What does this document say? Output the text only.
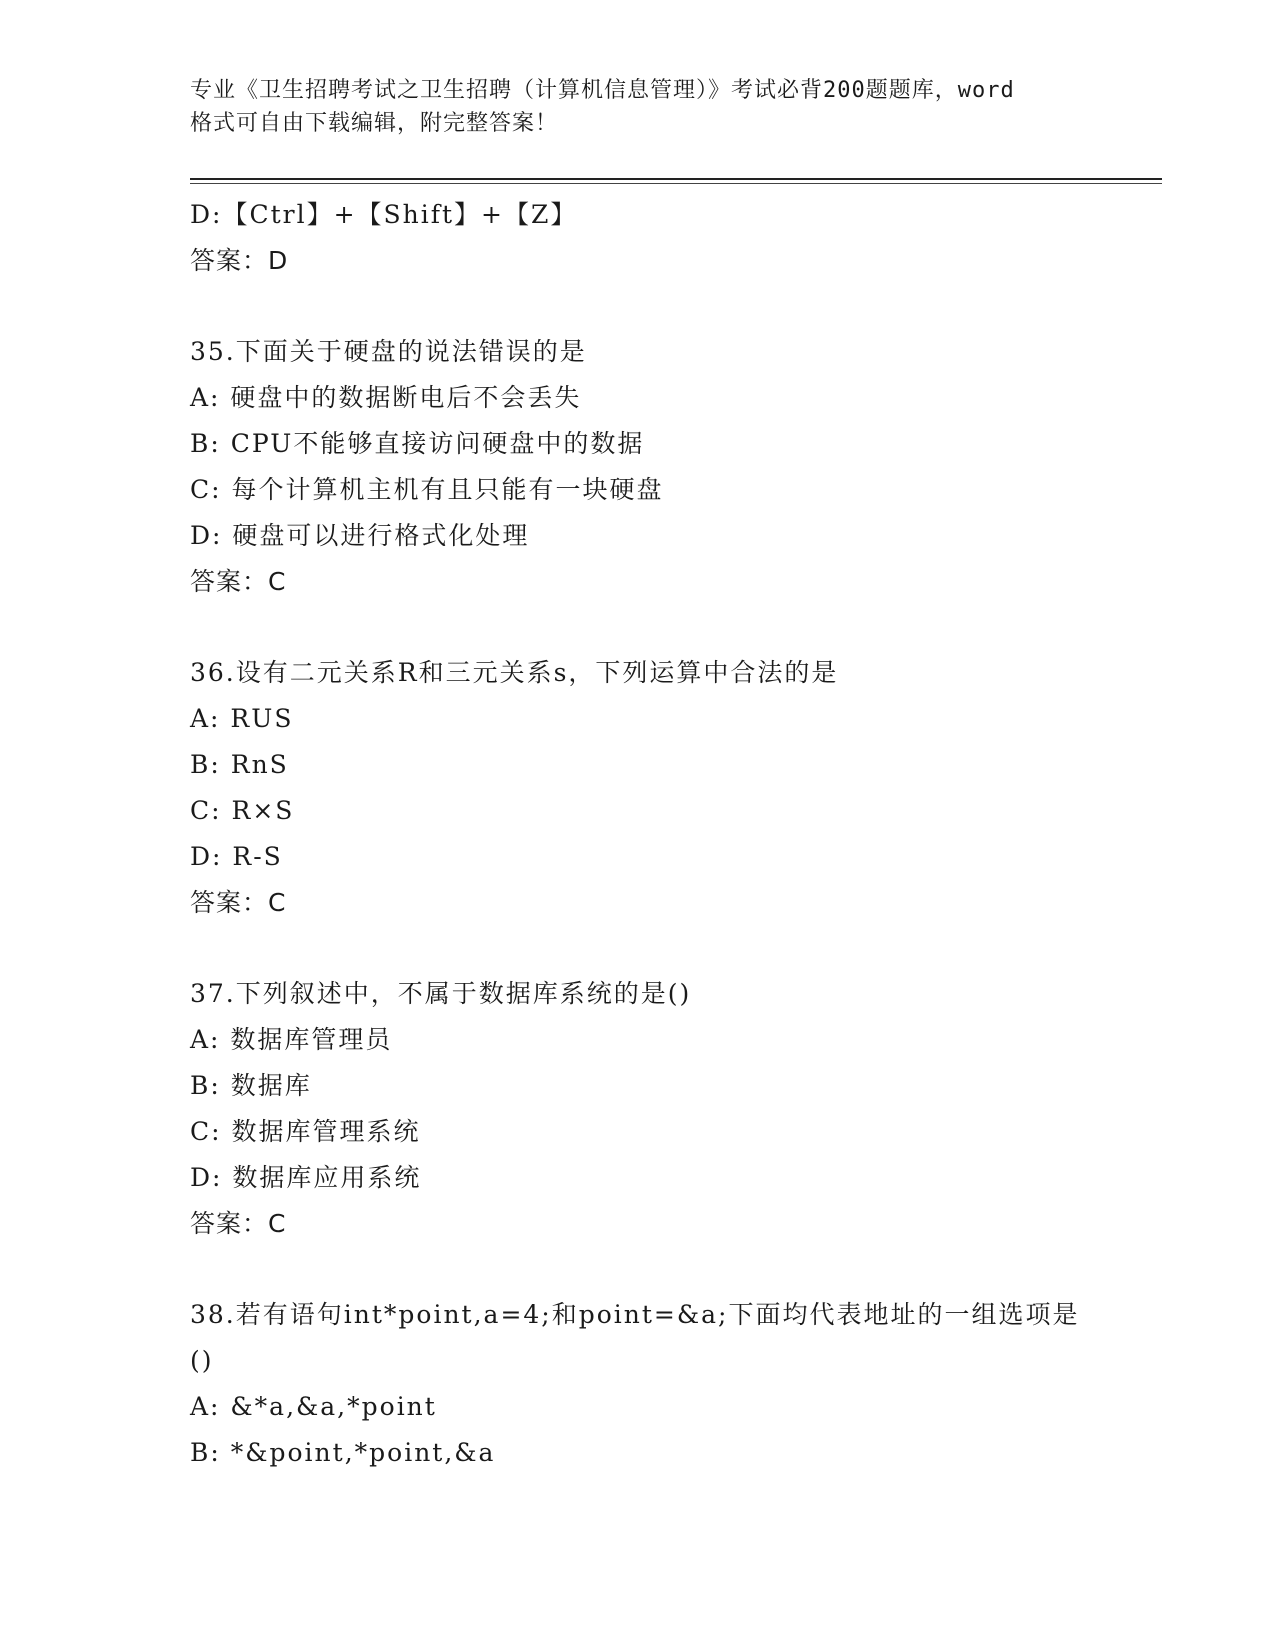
专业《卫生招聘考试之卫生招聘（计算机信息管理）》考试必背200题题库，word
格式可自由下载编辑，附完整答案！
D:【Ctrl】+【Shift】+【Z】
答案：D
35.下面关于硬盘的说法错误的是
A: 硬盘中的数据断电后不会丢失
B: CPU不能够直接访问硬盘中的数据
C: 每个计算机主机有且只能有一块硬盘
D: 硬盘可以进行格式化处理
答案：C
36.设有二元关系R和三元关系s，下列运算中合法的是
A: RUS
B: RnS
C: R×S
D: R-S
答案：C
37.下列叙述中，不属于数据库系统的是()
A: 数据库管理员
B: 数据库
C: 数据库管理系统
D: 数据库应用系统
答案：C
38.若有语句int*point,a=4;和point=&a;下面均代表地址的一组选项是()
A: &*a,&a,*point
B: *&point,*point,&a
